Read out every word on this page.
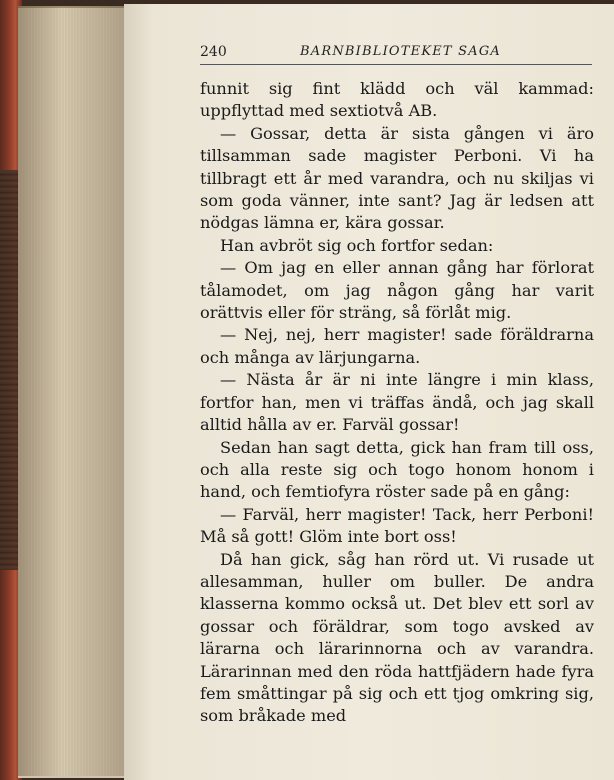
240	BARNBIBLIOTEKET SAGA

funnit sig fint klädd och väl kammad: uppflyttad med sextiotvå AB.

— Gossar, detta är sista gången vi äro tillsamman sade magister Perboni. Vi ha tillbragt ett år med varandra, och nu skiljas vi som goda vänner, inte sant? Jag är ledsen att nödgas lämna er, kära gossar.

Han avbröt sig och fortfor sedan:

— Om jag en eller annan gång har förlorat tålamodet, om jag någon gång har varit orättvis eller för sträng, så förlåt mig.

— Nej, nej, herr magister! sade föräldrarna och många av lärjungarna.

— Nästa år är ni inte längre i min klass, fortfor han, men vi träffas ändå, och jag skall alltid hålla av er. Farväl gossar!

Sedan han sagt detta, gick han fram till oss, och alla reste sig och togo honom honom i hand, och femtiofyra röster sade på en gång:

— Farväl, herr magister! Tack, herr Perboni! Må så gott! Glöm inte bort oss!

Då han gick, såg han rörd ut. Vi rusade ut allesamman, huller om buller. De andra klasserna kommo också ut. Det blev ett sorl av gossar och föräldrar, som togo avsked av lärarna och lärarinnorna och av varandra. Lärarinnan med den röda hattfjädern hade fyra fem småttingar på sig och ett tjog omkring sig, som bråkade med
